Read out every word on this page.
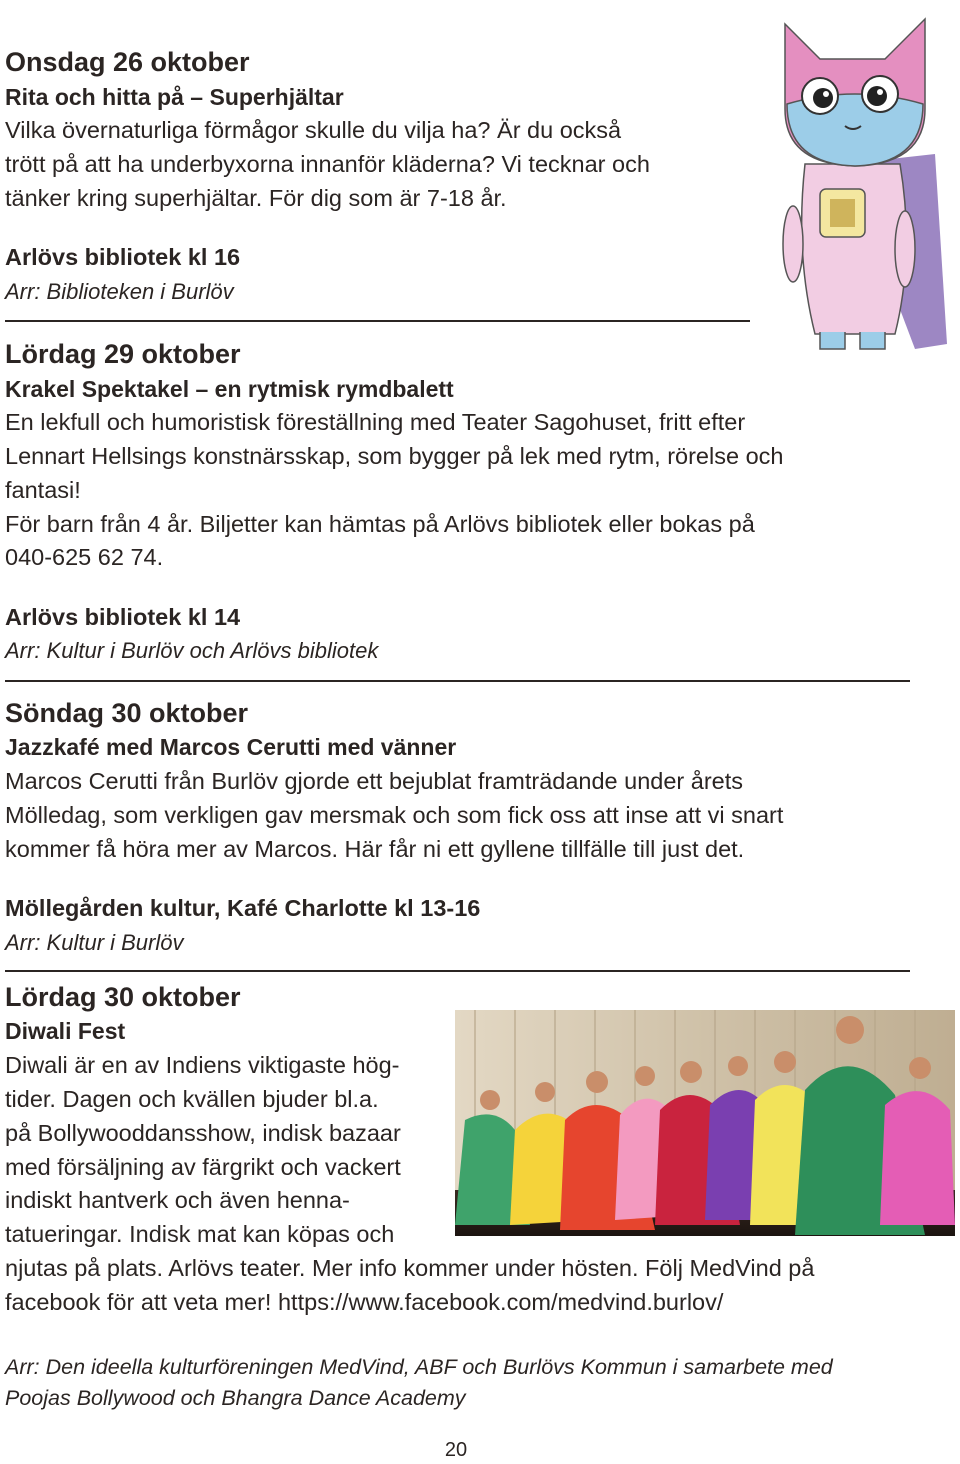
Onsdag 26 oktober
Rita och hitta på – Superhjältar
Vilka övernaturliga förmågor skulle du vilja ha? Är du också
trött på att ha underbyxorna innanför kläderna? Vi tecknar och
tänker kring superhjältar. För dig som är 7-18 år.
Arlövs bibliotek kl 16
Arr: Biblioteken i Burlöv
Lördag 29 oktober
Krakel Spektakel – en rytmisk rymdbalett
En lekfull och humoristisk föreställning med Teater Sagohuset, fritt efter
Lennart Hellsings konstnärsskap, som bygger på lek med rytm, rörelse och
fantasi!
För barn från 4 år. Biljetter kan hämtas på Arlövs bibliotek eller bokas på
040-625 62 74.
Arlövs bibliotek kl 14
Arr: Kultur i Burlöv och Arlövs bibliotek
Söndag 30 oktober
Jazzkafé med Marcos Cerutti med vänner
Marcos Cerutti från Burlöv gjorde ett bejublat framträdande under årets
Mölledag, som verkligen gav mersmak och som fick oss att inse att vi snart
kommer få höra mer av Marcos. Här får ni ett gyllene tillfälle till just det.
Möllegården kultur, Kafé Charlotte kl 13-16
Arr: Kultur i Burlöv
Lördag 30 oktober
Diwali Fest
Diwali är en av Indiens viktigaste hög-
tider. Dagen och kvällen bjuder bl.a.
på Bollywooddansshow, indisk bazaar
med försäljning av färgrikt och vackert
indiskt hantverk och även henna-
tatueringar. Indisk mat kan köpas och
njutas på plats. Arlövs teater. Mer info kommer under hösten. Följ MedVind på
facebook för att veta mer! https://www.facebook.com/medvind.burlov/
Arr: Den ideella kulturföreningen MedVind, ABF och Burlövs Kommun i samarbete med
Poojas Bollywood och Bhangra Dance Academy
20
